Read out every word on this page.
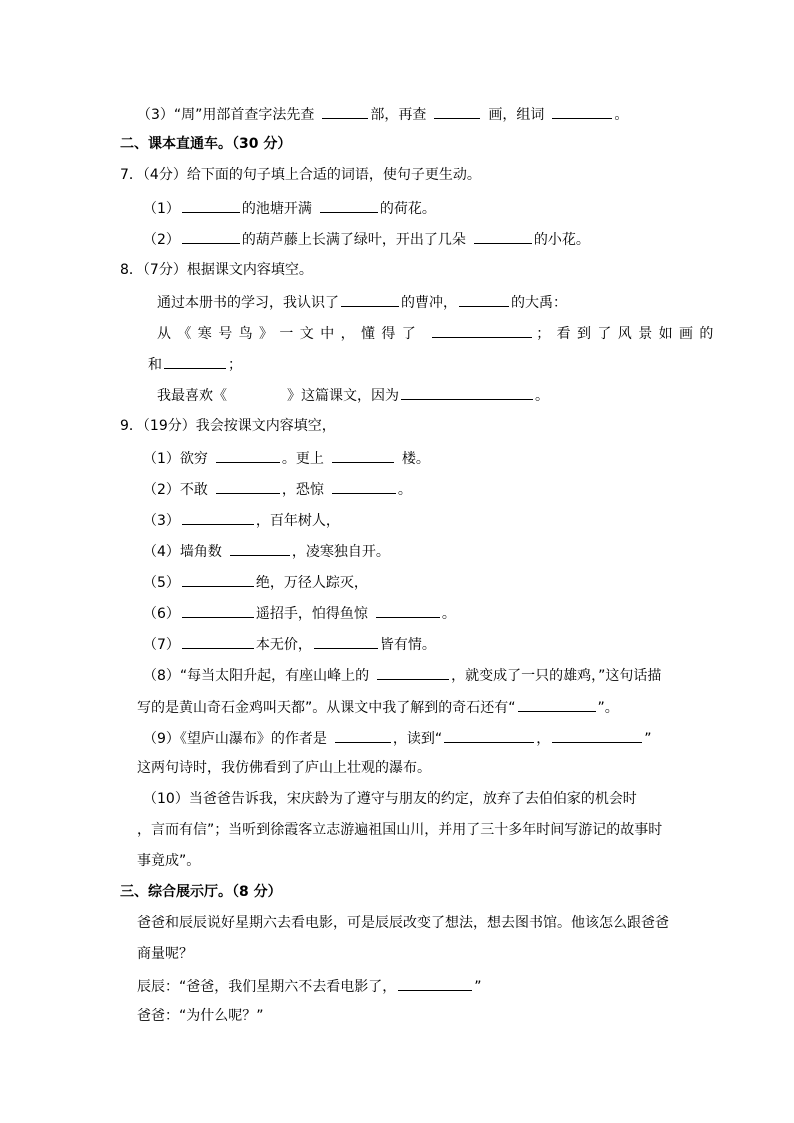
（3）“周”用部首查字法先查	部，再查	画，组词	。
二、课本直通车。（30 分）
7．（4分）给下面的句子填上合适的词语，使句子更生动。
（1）	的池塘开满	的荷花。
（2）	的葫芦藤上长满了绿叶，开出了几朵	的小花。
8．（7分）根据课文内容填空。
通过本册书的学习，我认识了	的曹冲，	的大禹：
从《寒号鸟》一文中，懂得了	；看到了风景如画的
和	；
我最喜欢《	》这篇课文，因为	。
9．（19分）我会按课文内容填空，
（1）欲穷	。更上	楼。
（2）不敢	，恐惊	。
（3）	，百年树人，
（4）墙角数	，凌寒独自开。
（5）	绝，万径人踪灭，
（6）	遥招手，怕得鱼惊	。
（7）	本无价，	皆有情。
（8）“每当太阳升起，有座山峰上的	，就变成了一只的雄鸡，”这句话描
写的是黄山奇石金鸡叫天都”。从课文中我了解到的奇石还有“	”。
（9）《望庐山瀑布》的作者是	，读到“	，	”
这两句诗时，我仿佛看到了庐山上壮观的瀑布。
（10）当爸爸告诉我，宋庆龄为了遵守与朋友的约定，放弃了去伯伯家的机会时
，言而有信”；当听到徐霞客立志游遍祖国山川，并用了三十多年时间写游记的故事时
事竟成”。
三、综合展示厅。（8 分）
爸爸和辰辰说好星期六去看电影，可是辰辰改变了想法，想去图书馆。他该怎么跟爸爸
商量呢？
辰辰：“爸爸，我们星期六不去看电影了，	”
爸爸：“为什么呢？”
